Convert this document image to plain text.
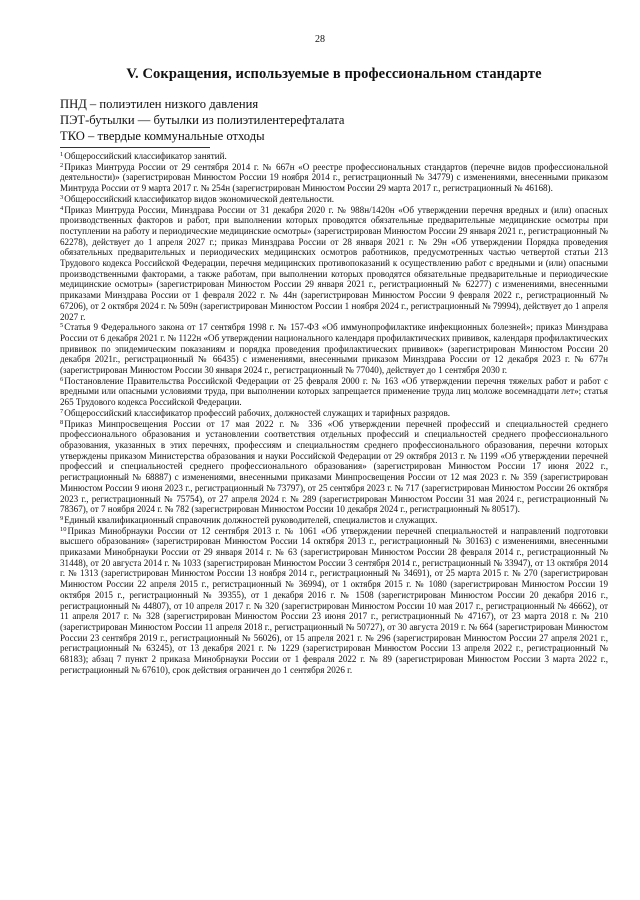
28
V. Сокращения, используемые в профессиональном стандарте
ПНД – полиэтилен низкого давления
ПЭТ-бутылки — бутылки из полиэтилентерефталата
ТКО – твердые коммунальные отходы

$^1$Общероссийский классификатор занятий.

$^2$Приказ Минтруда России от 29 сентября 2014 г. № 667н «О реестре профессиональных стандартов (перечне видов профессиональной деятельности)» (зарегистрирован Минюстом России 19 ноября 2014 г., регистрационный № 34779) с изменениями, внесенными приказом Минтруда России от 9 марта 2017 г. № 254н (зарегистрирован Минюстом России 29 марта 2017 г., регистрационный № 46168).

$^3$Общероссийский классификатор видов экономической деятельности.

$^4$Приказ Минтруда России, Минздрава России от 31 декабря 2020 г. № 988н/1420н «Об утверждении перечня вредных и (или) опасных производственных факторов и работ, при выполнении которых проводятся обязательные предварительные медицинские осмотры при поступлении на работу и периодические медицинские осмотры» (зарегистрирован Минюстом России 29 января 2021 г., регистрационный № 62278), действует до 1 апреля 2027 г.; приказ Минздрава России от 28 января 2021 г. № 29н «Об утверждении Порядка проведения обязательных предварительных и периодических медицинских осмотров работников, предусмотренных частью четвертой статьи 213 Трудового кодекса Российской Федерации, перечня медицинских противопоказаний к осуществлению работ с вредными и (или) опасными производственными факторами, а также работам, при выполнении которых проводятся обязательные предварительные и периодические медицинские осмотры» (зарегистрирован Минюстом России 29 января 2021 г., регистрационный № 62277) с изменениями, внесенными приказами Минздрава России от 1 февраля 2022 г. № 44н (зарегистрирован Минюстом России 9 февраля 2022 г., регистрационный № 67206), от 2 октября 2024 г. № 509н (зарегистрирован Минюстом России 1 ноября 2024 г., регистрационный № 79994), действует до 1 апреля 2027 г.

$^5$Статья 9 Федерального закона от 17 сентября 1998 г. № 157-ФЗ «Об иммунопрофилактике инфекционных болезней»; приказ Минздрава России от 6 декабря 2021 г. № 1122н «Об утверждении национального календаря профилактических прививок, календаря профилактических прививок по эпидемическим показаниям и порядка проведения профилактических прививок» (зарегистрирован Минюстом России 20 декабря 2021г., регистрационный № 66435) с изменениями, внесенными приказом Минздрава России от 12 декабря 2023 г. № 677н (зарегистрирован Минюстом России 30 января 2024 г., регистрационный № 77040), действует до 1 сентября 2030 г.

$^6$Постановление Правительства Российской Федерации от 25 февраля 2000 г. № 163 «Об утверждении перечня тяжелых работ и работ с вредными или опасными условиями труда, при выполнении которых запрещается применение труда лиц моложе восемнадцати лет»; статья 265 Трудового кодекса Российской Федерации.

$^7$Общероссийский классификатор профессий рабочих, должностей служащих и тарифных разрядов.

$^8$Приказ Минпросвещения России от 17 мая 2022 г. № 336 «Об утверждении перечней профессий и специальностей среднего профессионального образования и установлении соответствия отдельных профессий и специальностей среднего профессионального образования, указанных в этих перечнях, профессиям и специальностям среднего профессионального образования, перечни которых утверждены приказом Министерства образования и науки Российской Федерации от 29 октября 2013 г. № 1199 «Об утверждении перечней профессий и специальностей среднего профессионального образования» (зарегистрирован Минюстом России 17 июня 2022 г., регистрационный № 68887) с изменениями, внесенными приказами Минпросвещения России от 12 мая 2023 г. № 359 (зарегистрирован Минюстом России 9 июня 2023 г., регистрационный № 73797), от 25 сентября 2023 г. № 717 (зарегистрирован Минюстом России 26 октября 2023 г., регистрационный № 75754), от 27 апреля 2024 г. № 289 (зарегистрирован Минюстом России 31 мая 2024 г., регистрационный № 78367), от 7 ноября 2024 г. № 782 (зарегистрирован Минюстом России 10 декабря 2024 г., регистрационный № 80517).

$^9$Единый квалификационный справочник должностей руководителей, специалистов и служащих.

$^{10}$Приказ Минобрнауки России от 12 сентября 2013 г. № 1061 «Об утверждении перечней специальностей и направлений подготовки высшего образования» (зарегистрирован Минюстом России 14 октября 2013 г., регистрационный № 30163) с изменениями, внесенными приказами Минобрнауки России от 29 января 2014 г. № 63 (зарегистрирован Минюстом России 28 февраля 2014 г., регистрационный № 31448), от 20 августа 2014 г. № 1033 (зарегистрирован Минюстом России 3 сентября 2014 г., регистрационный № 33947), от 13 октября 2014 г. № 1313 (зарегистрирован Минюстом России 13 ноября 2014 г., регистрационный № 34691), от 25 марта 2015 г. № 270 (зарегистрирован Минюстом России 22 апреля 2015 г., регистрационный № 36994), от 1 октября 2015 г. № 1080 (зарегистрирован Минюстом России 19 октября 2015 г., регистрационный № 39355), от 1 декабря 2016 г. № 1508 (зарегистрирован Минюстом России 20 декабря 2016 г., регистрационный № 44807), от 10 апреля 2017 г. № 320 (зарегистрирован Минюстом России 10 мая 2017 г., регистрационный № 46662), от 11 апреля 2017 г. № 328 (зарегистрирован Минюстом России 23 июня 2017 г., регистрационный № 47167), от 23 марта 2018 г. № 210 (зарегистрирован Минюстом России 11 апреля 2018 г., регистрационный № 50727), от 30 августа 2019 г. № 664 (зарегистрирован Минюстом России 23 сентября 2019 г., регистрационный № 56026), от 15 апреля 2021 г. № 296 (зарегистрирован Минюстом России 27 апреля 2021 г., регистрационный № 63245), от 13 декабря 2021 г. № 1229 (зарегистрирован Минюстом России 13 апреля 2022 г., регистрационный № 68183); абзац 7 пункт 2 приказа Минобрнауки России от 1 февраля 2022 г. № 89 (зарегистрирован Минюстом России 3 марта 2022 г., регистрационный № 67610), срок действия ограничен до 1 сентября 2026 г.
